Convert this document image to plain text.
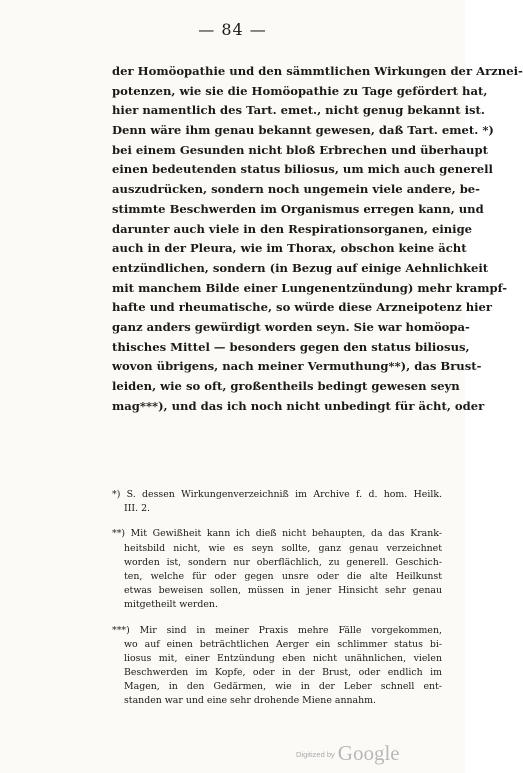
— 84 —
der Homöopathie und den sämmtlichen Wirkungen der Arznei-
potenzen, wie sie die Homöopathie zu Tage gefördert hat,
hier namentlich des Tart. emet., nicht genug bekannt ist.
Denn wäre ihm genau bekannt gewesen, daß Tart. emet. *)
bei einem Gesunden nicht bloß Erbrechen und überhaupt
einen bedeutenden status biliosus, um mich auch generell
auszudrücken, sondern noch ungemein viele andere, be-
stimmte Beschwerden im Organismus erregen kann, und
darunter auch viele in den Respirationsorganen, einige
auch in der Pleura, wie im Thorax, obschon keine ächt
entzündlichen, sondern (in Bezug auf einige Aehnlichkeit
mit manchem Bilde einer Lungenentzündung) mehr krampf-
hafte und rheumatische, so würde diese Arzneipotenz hier
ganz anders gewürdigt worden seyn. Sie war homöopa-
thisches Mittel — besonders gegen den status biliosus,
wovon übrigens, nach meiner Vermuthung**), das Brust-
leiden, wie so oft, großentheils bedingt gewesen seyn
mag***), und das ich noch nicht unbedingt für ächt, oder
*) S. dessen Wirkungenverzeichniß im Archive f. d. hom. Heilk.
III. 2.
**) Mit Gewißheit kann ich dieß nicht behaupten, da das Krank-
heitsbild nicht, wie es seyn sollte, ganz genau verzeichnet
worden ist, sondern nur oberflächlich, zu generell. Geschich-
ten, welche für oder gegen unsre oder die alte Heilkunst
etwas beweisen sollen, müssen in jener Hinsicht sehr genau
mitgetheilt werden.
***) Mir sind in meiner Praxis mehre Fälle vorgekommen,
wo auf einen beträchtlichen Aerger ein schlimmer status bi-
liosus mit, einer Entzündung eben nicht unähnlichen, vielen
Beschwerden im Kopfe, oder in der Brust, oder endlich im
Magen, in den Gedärmen, wie in der Leber schnell ent-
standen war und eine sehr drohende Miene annahm.
Digitized by Google
